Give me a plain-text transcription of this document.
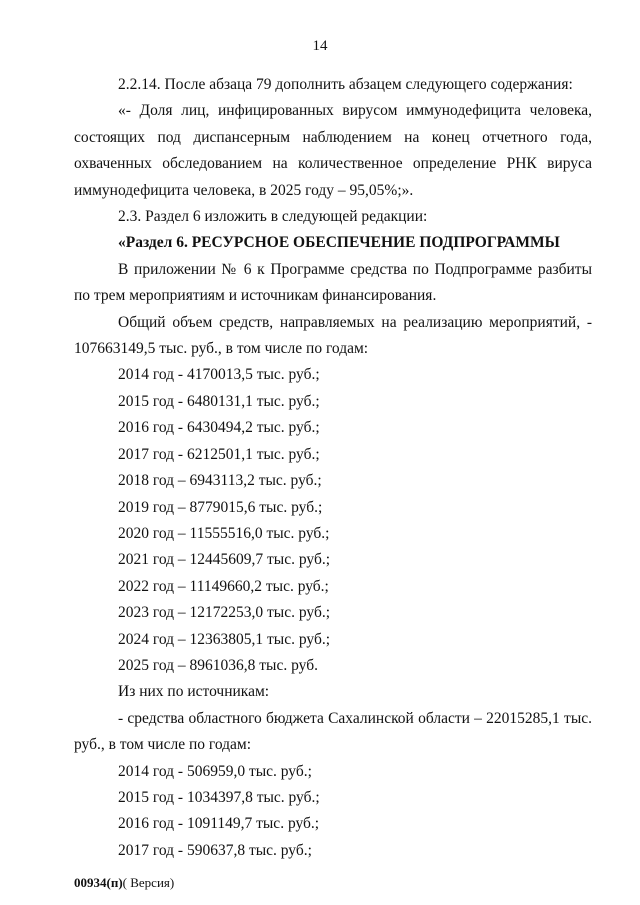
14

2.2.14. После абзаца 79 дополнить абзацем следующего содержания:

«- Доля лиц, инфицированных вирусом иммунодефицита человека, состоящих под диспансерным наблюдением на конец отчетного года, охваченных обследованием на количественное определение РНК вируса иммунодефицита человека, в 2025 году – 95,05%;».

2.3. Раздел 6 изложить в следующей редакции:

«Раздел 6. РЕСУРСНОЕ ОБЕСПЕЧЕНИЕ ПОДПРОГРАММЫ

В приложении № 6 к Программе средства по Подпрограмме разбиты по трем мероприятиям и источникам финансирования.

Общий объем средств, направляемых на реализацию мероприятий, - 107663149,5 тыс. руб., в том числе по годам:

2014 год - 4170013,5 тыс. руб.;

2015 год - 6480131,1 тыс. руб.;

2016 год - 6430494,2 тыс. руб.;

2017 год - 6212501,1 тыс. руб.;

2018 год – 6943113,2 тыс. руб.;

2019 год – 8779015,6 тыс. руб.;

2020 год – 11555516,0 тыс. руб.;

2021 год – 12445609,7 тыс. руб.;

2022 год – 11149660,2 тыс. руб.;

2023 год – 12172253,0 тыс. руб.;

2024 год – 12363805,1 тыс. руб.;

2025 год – 8961036,8 тыс. руб.

Из них по источникам:

- средства областного бюджета Сахалинской области – 22015285,1 тыс. руб., в том числе по годам:

2014 год - 506959,0 тыс. руб.;

2015 год - 1034397,8 тыс. руб.;

2016 год - 1091149,7 тыс. руб.;

2017 год - 590637,8 тыс. руб.;

00934(п)( Версия)
